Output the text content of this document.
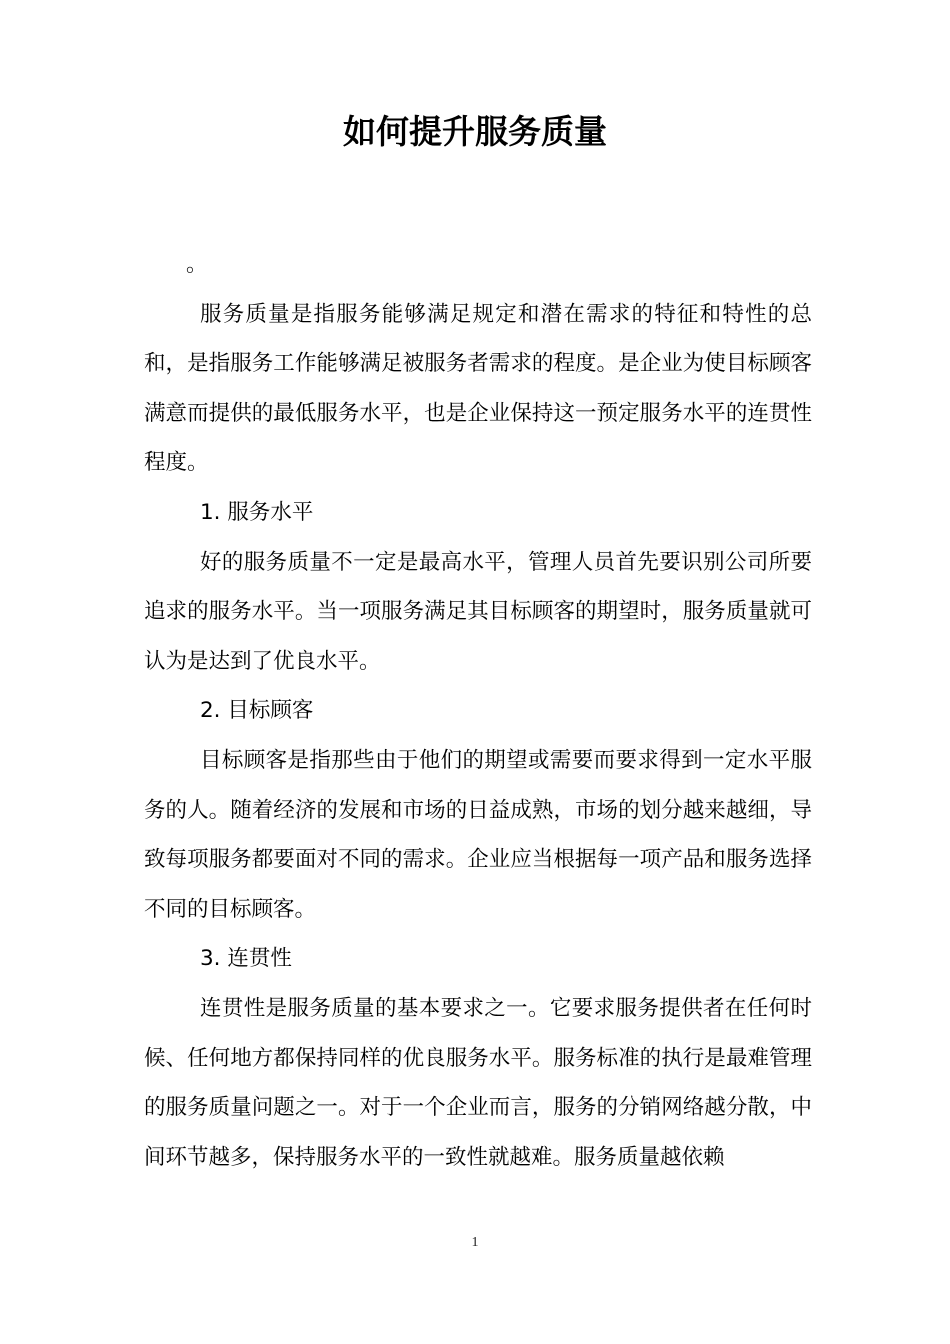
如何提升服务质量

。

服务质量是指服务能够满足规定和潜在需求的特征和特性的总和，是指服务工作能够满足被服务者需求的程度。是企业为使目标顾客满意而提供的最低服务水平，也是企业保持这一预定服务水平的连贯性程度。

1. 服务水平

好的服务质量不一定是最高水平，管理人员首先要识别公司所要追求的服务水平。当一项服务满足其目标顾客的期望时，服务质量就可认为是达到了优良水平。

2. 目标顾客

目标顾客是指那些由于他们的期望或需要而要求得到一定水平服务的人。随着经济的发展和市场的日益成熟，市场的划分越来越细，导致每项服务都要面对不同的需求。企业应当根据每一项产品和服务选择不同的目标顾客。

3. 连贯性

连贯性是服务质量的基本要求之一。它要求服务提供者在任何时候、任何地方都保持同样的优良服务水平。服务标准的执行是最难管理的服务质量问题之一。对于一个企业而言，服务的分销网络越分散，中间环节越多，保持服务水平的一致性就越难。服务质量越依赖

1
